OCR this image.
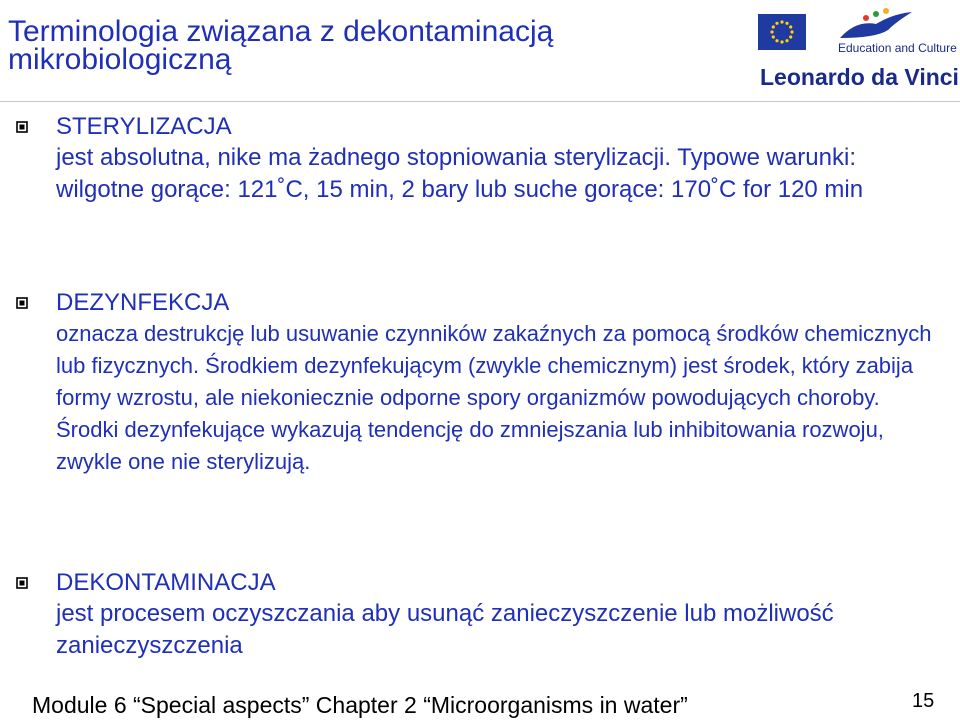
Terminologia związana z dekontaminacją
mikrobiologiczną	Education and Culture
Leonardo da Vinci
STERYLIZACJA

jest absolutna, nike ma żadnego stopniowania sterylizacji. Typowe warunki: wilgotne gorące: 121˚C, 15 min, 2 bary lub suche gorące: 170˚C for 120 min

DEZYNFEKCJA

oznacza destrukcję lub usuwanie czynników zakaźnych za pomocą środków chemicznych lub fizycznych. Środkiem dezynfekującym (zwykle chemicznym) jest środek, który zabija formy wzrostu, ale niekoniecznie odporne spory organizmów powodujących choroby. Środki dezynfekujące wykazują tendencję do zmniejszania lub inhibitowania rozwoju, zwykle one nie sterylizują.

DEKONTAMINACJA

jest procesem oczyszczania aby usunąć zanieczyszczenie lub możliwość zanieczyszczenia

Module 6 “Special aspects” Chapter 2 “Microorganisms in water”	15
